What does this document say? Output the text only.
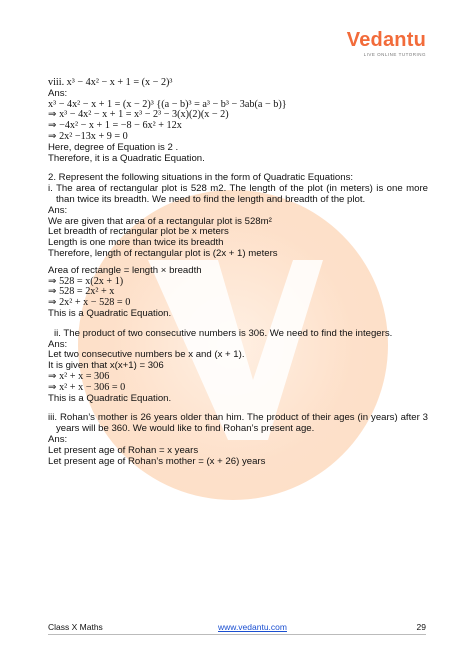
Vedantu
LIVE ONLINE TUTORING
viii. x³ − 4x² − x + 1 = (x − 2)³
Ans:
x³ − 4x² − x + 1 = (x − 2)³ {(a − b)³ = a³ − b³ − 3ab(a − b)}
⇒ x³ − 4x² − x + 1 = x³ − 2³ − 3(x)(2)(x − 2)
⇒ −4x² − x + 1 = −8 − 6x² + 12x
⇒ 2x² −13x + 9 = 0
Here, degree of Equation is 2 .
Therefore, it is a Quadratic Equation.
2. Represent the following situations in the form of Quadratic Equations:
i. The area of rectangular plot is 528 m2. The length of the plot (in meters) is one more than twice its breadth. We need to find the length and breadth of the plot.
Ans:
We are given that area of a rectangular plot is 528m²
Let breadth of rectangular plot be x meters
Length is one more than twice its breadth
Therefore, length of rectangular plot is (2x + 1) meters
Area of rectangle = length × breadth
⇒ 528 = x(2x + 1)
⇒ 528 = 2x² + x
⇒ 2x² + x − 528 = 0
This is a Quadratic Equation.
ii. The product of two consecutive numbers is 306. We need to find the integers.
Ans:
Let two consecutive numbers be x and (x + 1).
It is given that x(x+1) = 306
⇒ x² + x = 306
⇒ x² + x − 306 = 0
This is a Quadratic Equation.
iii. Rohan’s mother is 26 years older than him. The product of their ages (in years) after 3 years will be 360. We would like to find Rohan’s present age.
Ans:
Let present age of Rohan = x years
Let present age of Rohan’s mother = (x + 26) years
Class X Maths	www.vedantu.com	29
